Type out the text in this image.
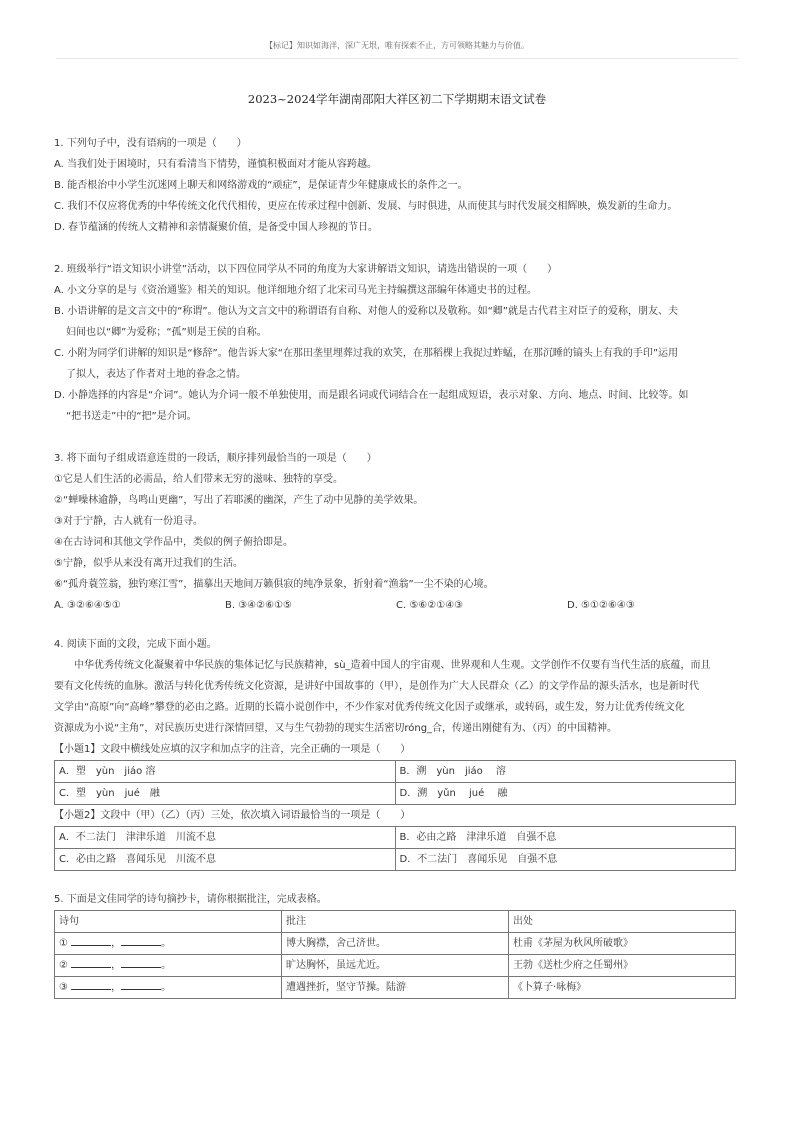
【标记】知识如海洋，深广无垠，唯有探索不止，方可领略其魅力与价值。
2023~2024学年湖南邵阳大祥区初二下学期期末语文试卷
1. 下列句子中，没有语病的一项是（　　）
A. 当我们处于困境时，只有看清当下情势，谨慎积极面对才能从容跨越。
B. 能否根治中小学生沉迷网上聊天和网络游戏的“顽症”，是保证青少年健康成长的条件之一。
C. 我们不仅应将优秀的中华传统文化代代相传，更应在传承过程中创新、发展、与时俱进，从而使其与时代发展交相辉映，焕发新的生命力。
D. 春节蕴涵的传统人文精神和亲情凝聚价值，是备受中国人珍视的节日。
2. 班级举行“语文知识小讲堂”活动，以下四位同学从不同的角度为大家讲解语文知识，请选出错误的一项（　　）
A. 小文分享的是与《资治通鉴》相关的知识。他详细地介绍了北宋司马光主持编撰这部编年体通史书的过程。
B. 小语讲解的是文言文中的“称谓”。他认为文言文中的称谓语有自称、对他人的爱称以及敬称。如“卿”就是古代君主对臣子的爱称，朋友、夫
妇间也以“卿”为爱称；“孤”则是王侯的自称。
C. 小附为同学们讲解的知识是“修辞”。他告诉大家“在那田垄里埋葬过我的欢笑，在那稻棵上我捉过蚱蜢，在那沉睡的镐头上有我的手印”运用
了拟人，表达了作者对土地的眷念之情。
D. 小静选择的内容是“介词”。她认为介词一般不单独使用，而是跟名词或代词结合在一起组成短语，表示对象、方向、地点、时间、比较等。如
“把书送走”中的“把”是介词。
3. 将下面句子组成语意连贯的一段话，顺序排列最恰当的一项是（　　）
①它是人们生活的必需品，给人们带来无穷的滋味、独特的享受。
②“蝉噪林逾静，鸟鸣山更幽”，写出了若耶溪的幽深，产生了动中见静的美学效果。
③对于宁静，古人就有一份追寻。
④在古诗词和其他文学作品中，类似的例子俯拾即是。
⑤宁静，似乎从来没有离开过我们的生活。
⑥“孤舟蓑笠翁，独钓寒江雪”，描摹出天地间万籁俱寂的纯净景象，折射着“渔翁”一尘不染的心境。
A. ③②⑥④⑤①	B. ③④②⑥①⑤	C. ⑤⑥②①④③	D. ⑤①②⑥④③
4. 阅读下面的文段，完成下面小题。
中华优秀传统文化凝聚着中华民族的集体记忆与民族精神，sù_造着中国人的宇宙观、世界观和人生观。文学创作不仅要有当代生活的底蕴，而且
要有文化传统的血脉。激活与转化优秀传统文化资源，是讲好中国故事的（甲），是创作为广大人民群众（乙）的文学作品的源头活水，也是新时代
文学由“高原”向“高峰”攀登的必由之路。近期的长篇小说创作中，不少作家对优秀传统文化因子或继承，或转码，或生发，努力让优秀传统文化
资源成为小说“主角”，对民族历史进行深情回望，又与生气勃勃的现实生活密切róng_合，传递出刚健有为、（丙）的中国精神。
【小题1】文段中横线处应填的汉字和加点字的注音，完全正确的一项是（　　）
A．塑　yùn　jiáo 溶	B．溯　yùn　jiáo　 溶
C．塑　yùn　jué　融	D．溯　yǔn　 jué　 融
【小题2】文段中（甲）（乙）（丙）三处，依次填入词语最恰当的一项是（　　）
A．不二法门　津津乐道　川流不息	B．必由之路　津津乐道　自强不息
C．必由之路　喜闻乐见　川流不息	D．不二法门　喜闻乐见　自强不息
5. 下面是文佳同学的诗句摘抄卡，请你根据批注，完成表格。
诗句	批注	出处
① ， 。	博大胸襟，舍己济世。	杜甫《茅屋为秋风所破歌》
② ， 。	旷达胸怀，虽远尤近。	王勃《送杜少府之任蜀州》
③ ， 。	遭遇挫折，坚守节操。陆游	《卜算子·咏梅》
